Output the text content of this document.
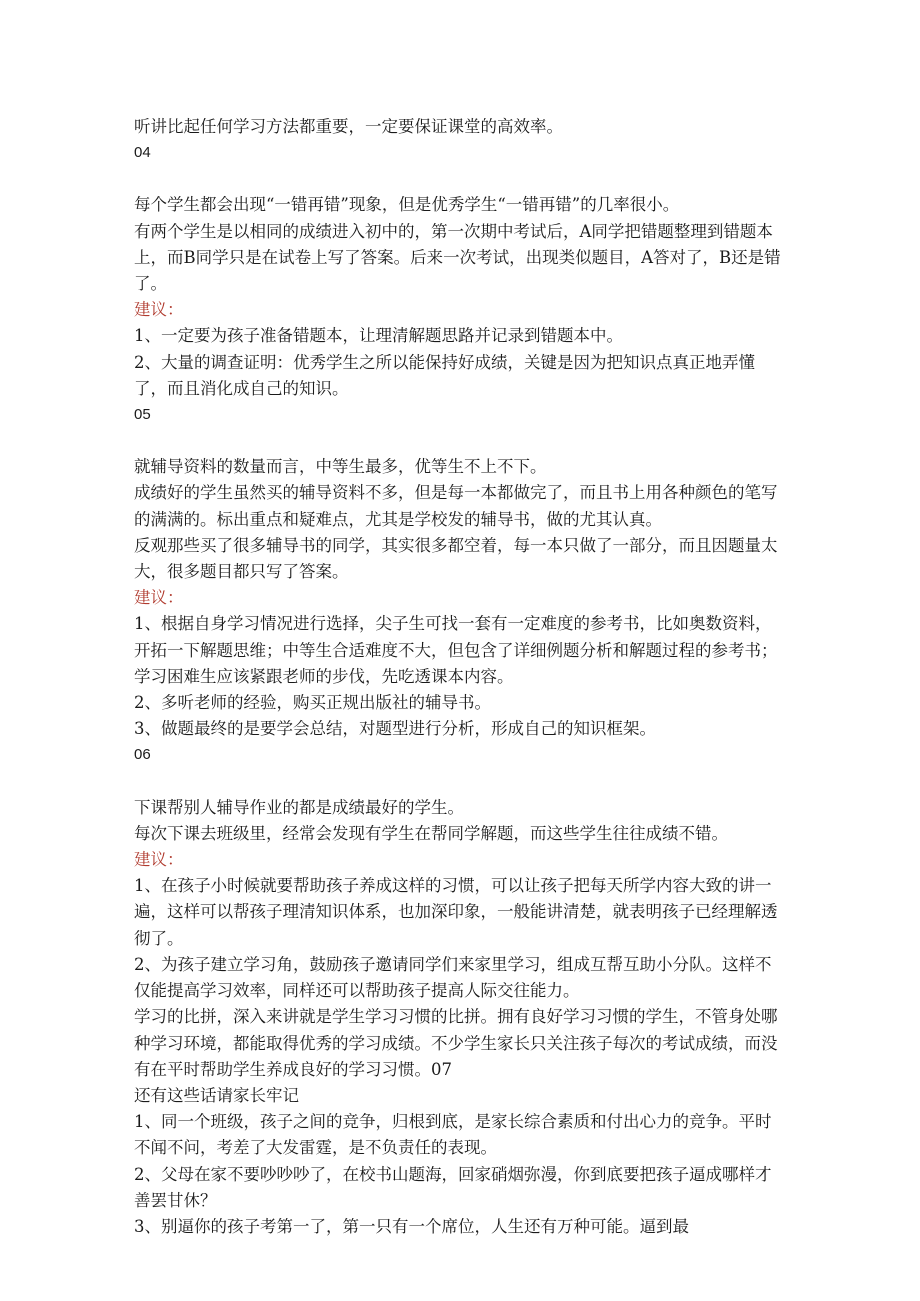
听讲比起任何学习方法都重要，一定要保证课堂的高效率。
04
每个学生都会出现“一错再错”现象，但是优秀学生“一错再错”的几率很小。
有两个学生是以相同的成绩进入初中的，第一次期中考试后，A同学把错题整理到错题本上，而B同学只是在试卷上写了答案。后来一次考试，出现类似题目，A答对了，B还是错了。
建议：
1、一定要为孩子准备错题本，让理清解题思路并记录到错题本中。
2、大量的调查证明：优秀学生之所以能保持好成绩，关键是因为把知识点真正地弄懂了，而且消化成自己的知识。
05
就辅导资料的数量而言，中等生最多，优等生不上不下。
成绩好的学生虽然买的辅导资料不多，但是每一本都做完了，而且书上用各种颜色的笔写的满满的。标出重点和疑难点，尤其是学校发的辅导书，做的尤其认真。
反观那些买了很多辅导书的同学，其实很多都空着，每一本只做了一部分，而且因题量太大，很多题目都只写了答案。
建议：
1、根据自身学习情况进行选择，尖子生可找一套有一定难度的参考书，比如奥数资料，开拓一下解题思维；中等生合适难度不大，但包含了详细例题分析和解题过程的参考书；学习困难生应该紧跟老师的步伐，先吃透课本内容。
2、多听老师的经验，购买正规出版社的辅导书。
3、做题最终的是要学会总结，对题型进行分析，形成自己的知识框架。
06
下课帮别人辅导作业的都是成绩最好的学生。
每次下课去班级里，经常会发现有学生在帮同学解题，而这些学生往往成绩不错。
建议：
1、在孩子小时候就要帮助孩子养成这样的习惯，可以让孩子把每天所学内容大致的讲一遍，这样可以帮孩子理清知识体系，也加深印象，一般能讲清楚，就表明孩子已经理解透彻了。
2、为孩子建立学习角，鼓励孩子邀请同学们来家里学习，组成互帮互助小分队。这样不仅能提高学习效率，同样还可以帮助孩子提高人际交往能力。
学习的比拼，深入来讲就是学生学习习惯的比拼。拥有良好学习习惯的学生，不管身处哪种学习环境，都能取得优秀的学习成绩。不少学生家长只关注孩子每次的考试成绩，而没有在平时帮助学生养成良好的学习习惯。07
还有这些话请家长牢记
1、同一个班级，孩子之间的竞争，归根到底，是家长综合素质和付出心力的竞争。平时不闻不问，考差了大发雷霆，是不负责任的表现。
2、父母在家不要吵吵吵了，在校书山题海，回家硝烟弥漫，你到底要把孩子逼成哪样才善罢甘休？
3、别逼你的孩子考第一了，第一只有一个席位，人生还有万种可能。逼到最
